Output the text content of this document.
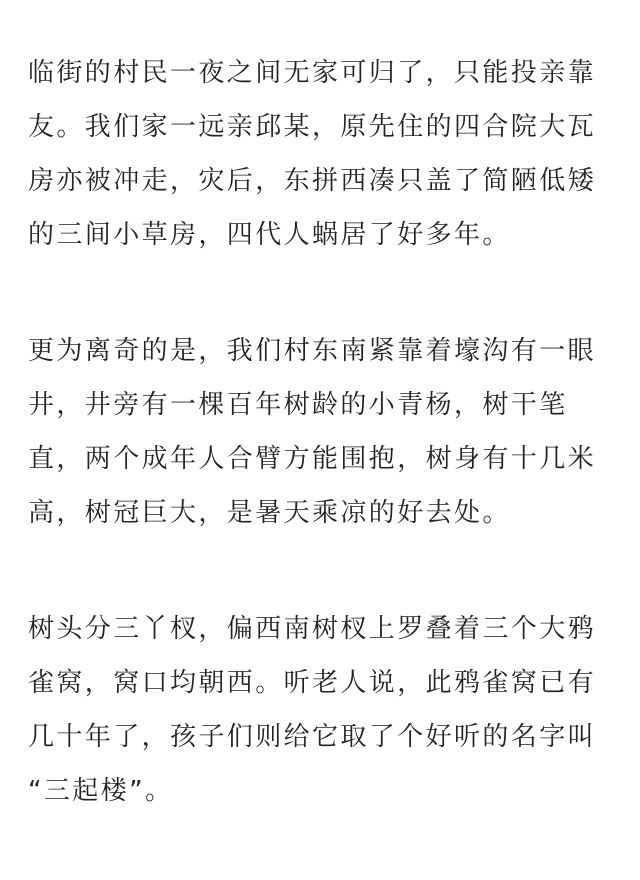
临街的村民一夜之间无家可归了，只能投亲靠
友。我们家一远亲邱某，原先住的四合院大瓦
房亦被冲走，灾后，东拼西凑只盖了简陋低矮
的三间小草房，四代人蜗居了好多年。

更为离奇的是，我们村东南紧靠着壕沟有一眼
井，井旁有一棵百年树龄的小青杨，树干笔
直，两个成年人合臂方能围抱，树身有十几米
高，树冠巨大，是暑天乘凉的好去处。

树头分三丫杈，偏西南树杈上罗叠着三个大鸦
雀窝，窝口均朝西。听老人说，此鸦雀窝已有
几十年了，孩子们则给它取了个好听的名字叫
“三起楼”。
